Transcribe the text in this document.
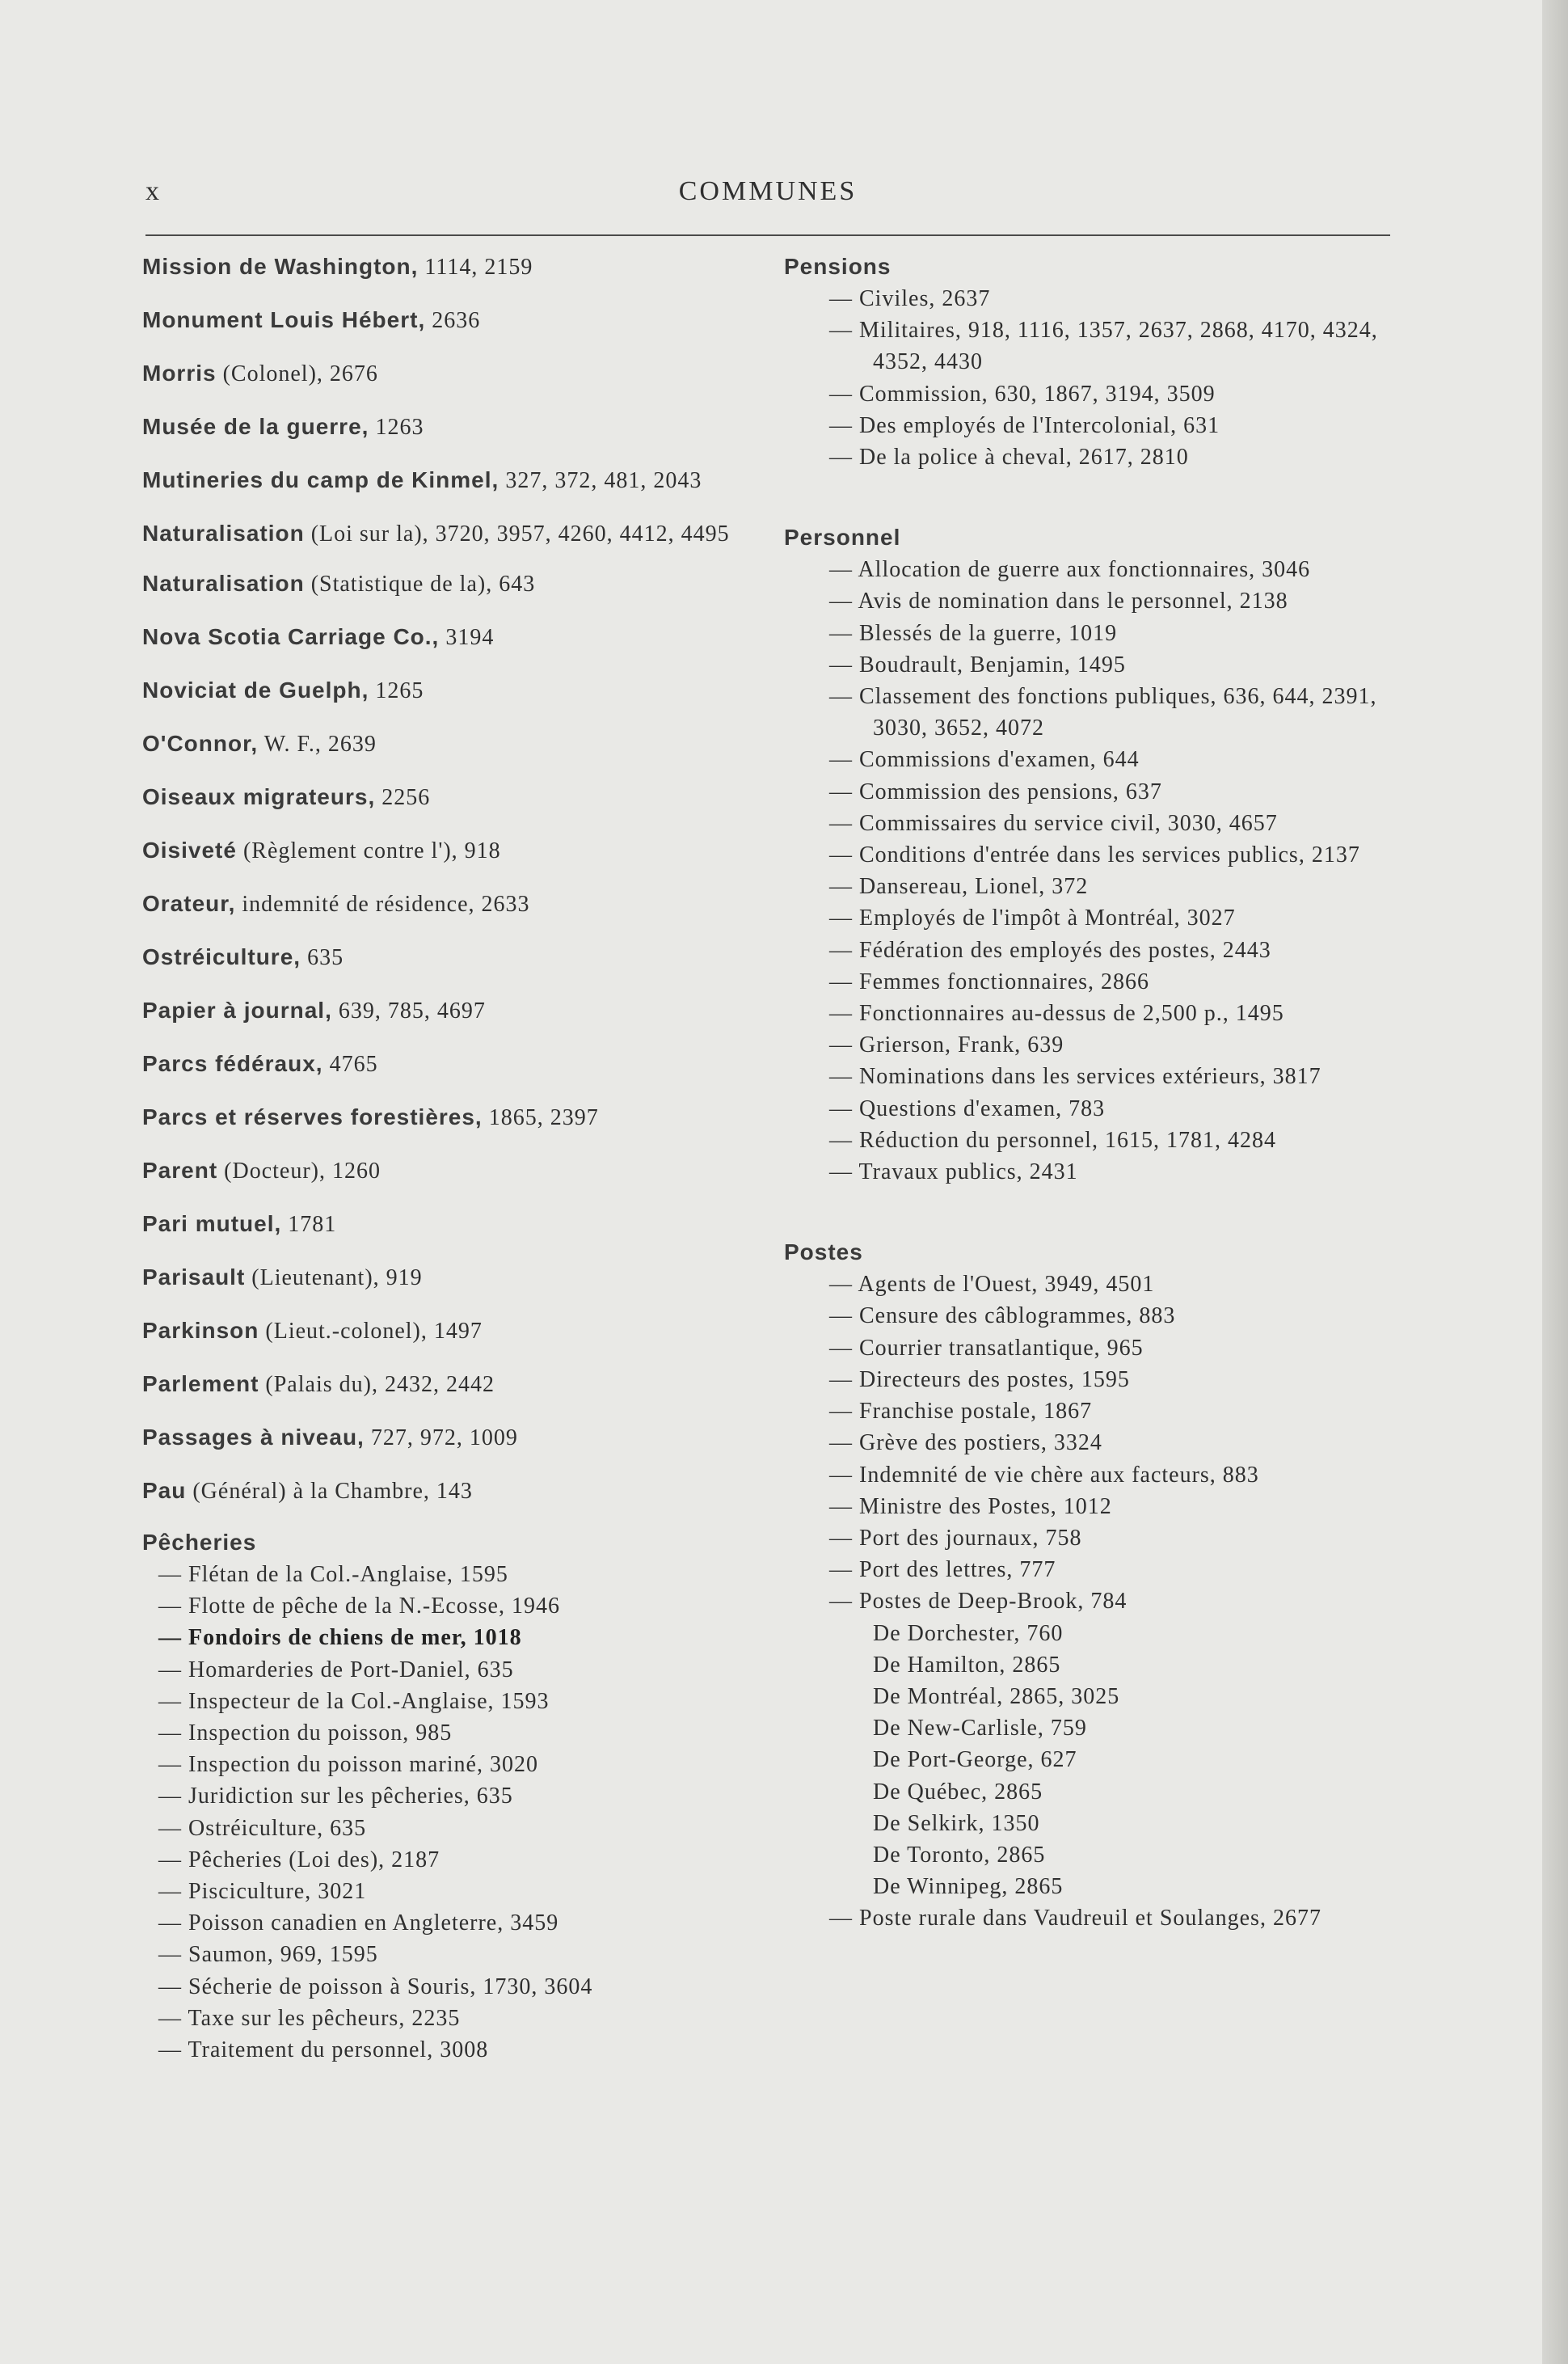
x	COMMUNES
Mission de Washington, 1114, 2159
Monument Louis Hébert, 2636
Morris (Colonel), 2676
Musée de la guerre, 1263
Mutineries du camp de Kinmel, 327, 372, 481, 2043
Naturalisation (Loi sur la), 3720, 3957, 4260, 4412, 4495
Naturalisation (Statistique de la), 643
Nova Scotia Carriage Co., 3194
Noviciat de Guelph, 1265
O'Connor, W. F., 2639
Oiseaux migrateurs, 2256
Oisiveté (Règlement contre l'), 918
Orateur, indemnité de résidence, 2633
Ostréiculture, 635
Papier à journal, 639, 785, 4697
Parcs fédéraux, 4765
Parcs et réserves forestières, 1865, 2397
Parent (Docteur), 1260
Pari mutuel, 1781
Parisault (Lieutenant), 919
Parkinson (Lieut.-colonel), 1497
Parlement (Palais du), 2432, 2442
Passages à niveau, 727, 972, 1009
Pau (Général) à la Chambre, 143
Pêcheries
— Flétan de la Col.-Anglaise, 1595
— Flotte de pêche de la N.-Ecosse, 1946
— Fondoirs de chiens de mer, 1018
— Homarderies de Port-Daniel, 635
— Inspecteur de la Col.-Anglaise, 1593
— Inspection du poisson, 985
— Inspection du poisson mariné, 3020
— Juridiction sur les pêcheries, 635
— Ostréiculture, 635
— Pêcheries (Loi des), 2187
— Pisciculture, 3021
— Poisson canadien en Angleterre, 3459
— Saumon, 969, 1595
— Sécherie de poisson à Souris, 1730, 3604
— Taxe sur les pêcheurs, 2235
— Traitement du personnel, 3008
Pensions
— Civiles, 2637
— Militaires, 918, 1116, 1357, 2637, 2868, 4170, 4324, 4352, 4430
— Commission, 630, 1867, 3194, 3509
— Des employés de l'Intercolonial, 631
— De la police à cheval, 2617, 2810
Personnel
— Allocation de guerre aux fonctionnaires, 3046
— Avis de nomination dans le personnel, 2138
— Blessés de la guerre, 1019
— Boudrault, Benjamin, 1495
— Classement des fonctions publiques, 636, 644, 2391, 3030, 3652, 4072
— Commissions d'examen, 644
— Commission des pensions, 637
— Commissaires du service civil, 3030, 4657
— Conditions d'entrée dans les services publics, 2137
— Dansereau, Lionel, 372
— Employés de l'impôt à Montréal, 3027
— Fédération des employés des postes, 2443
— Femmes fonctionnaires, 2866
— Fonctionnaires au-dessus de 2,500 p., 1495
— Grierson, Frank, 639
— Nominations dans les services extérieurs, 3817
— Questions d'examen, 783
— Réduction du personnel, 1615, 1781, 4284
— Travaux publics, 2431
Postes
— Agents de l'Ouest, 3949, 4501
— Censure des câblogrammes, 883
— Courrier transatlantique, 965
— Directeurs des postes, 1595
— Franchise postale, 1867
— Grève des postiers, 3324
— Indemnité de vie chère aux facteurs, 883
— Ministre des Postes, 1012
— Port des journaux, 758
— Port des lettres, 777
— Postes de Deep-Brook, 784
De Dorchester, 760
De Hamilton, 2865
De Montréal, 2865, 3025
De New-Carlisle, 759
De Port-George, 627
De Québec, 2865
De Selkirk, 1350
De Toronto, 2865
De Winnipeg, 2865
— Poste rurale dans Vaudreuil et Soulanges, 2677
